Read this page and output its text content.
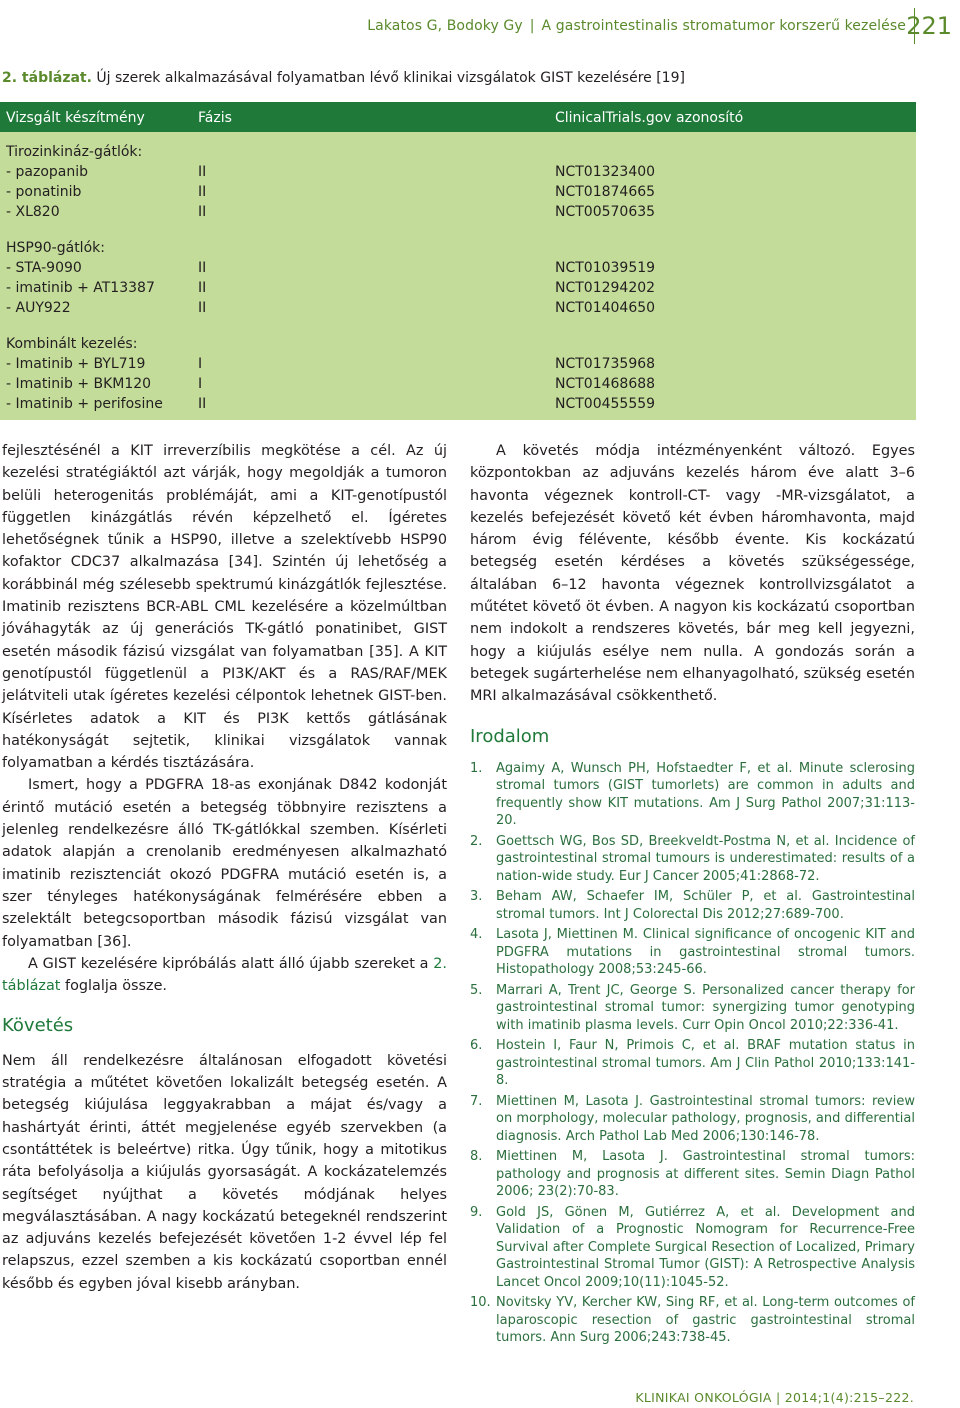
Lakatos G, Bodoky Gy | A gastrointestinalis stromatumor korszerű kezelése 221
2. táblázat. Új szerek alkalmazásával folyamatban lévő klinikai vizsgálatok GIST kezelésére [19]
Vizsgált készítmény	Fázis	ClinicalTrials.gov azonosító
Tirozinkináz-gátlók:		
- pazopanib	II	NCT01323400
- ponatinib	II	NCT01874665
- XL820	II	NCT00570635
HSP90-gátlók:		
- STA-9090	II	NCT01039519
- imatinib + AT13387	II	NCT01294202
- AUY922	II	NCT01404650
Kombinált kezelés:		
- Imatinib + BYL719	I	NCT01735968
- Imatinib + BKM120	I	NCT01468688
- Imatinib + perifosine	II	NCT00455559

fejlesztésénél a KIT irreverzíbilis megkötése a cél. Az új kezelési stratégiáktól azt várják, hogy megoldják a tumoron belüli heterogenitás problémáját, ami a KIT-genotípustól független kinázgátlás révén képzelhető el. Ígéretes lehetőségnek tűnik a HSP90, illetve a szelektívebb HSP90 kofaktor CDC37 alkalmazása [34]. Szintén új lehetőség a korábbinál még szélesebb spektrumú kinázgátlók fejlesztése. Imatinib rezisztens BCR-ABL CML kezelésére a közelmúltban jóváhagyták az új generációs TK-gátló ponatinibet, GIST esetén második fázisú vizsgálat van folyamatban [35]. A KIT genotípustól függetlenül a PI3K/AKT és a RAS/RAF/MEK jelátviteli utak ígéretes kezelési célpontok lehetnek GIST-ben. Kísérletes adatok a KIT és PI3K kettős gátlásának hatékonyságát sejtetik, klinikai vizsgálatok vannak folyamatban a kérdés tisztázására.

Ismert, hogy a PDGFRA 18-as exonjának D842 kodonját érintő mutáció esetén a betegség többnyire rezisztens a jelenleg rendelkezésre álló TK-gátlókkal szemben. Kísérleti adatok alapján a crenolanib eredményesen alkalmazható imatinib rezisztenciát okozó PDGFRA mutáció esetén is, a szer tényleges hatékonyságának felmérésére ebben a szelektált betegcsoportban második fázisú vizsgálat van folyamatban [36].

A GIST kezelésére kipróbálás alatt álló újabb szereket a 2. táblázat foglalja össze.

Követés

Nem áll rendelkezésre általánosan elfogadott követési stratégia a műtétet követően lokalizált betegség esetén. A betegség kiújulása leggyakrabban a májat és/vagy a hashártyát érinti, áttét megjelenése egyéb szervekben (a csontáttétek is beleértve) ritka. Úgy tűnik, hogy a mitotikus ráta befolyásolja a kiújulás gyorsaságát. A kockázatelemzés segítséget nyújthat a követés módjának helyes megválasztásában. A nagy kockázatú betegeknél rendszerint az adjuváns kezelés befejezését követően 1-2 évvel lép fel relapszus, ezzel szemben a kis kockázatú csoportban ennél később és egyben jóval kisebb arányban.

A követés módja intézményenként változó. Egyes központokban az adjuváns kezelés három éve alatt 3–6 havonta végeznek kontroll-CT- vagy -MR-vizsgálatot, a kezelés befejezését követő két évben háromhavonta, majd három évig félévente, később évente. Kis kockázatú betegség esetén kérdéses a követés szükségessége, általában 6–12 havonta végeznek kontrollvizsgálatot a műtétet követő öt évben. A nagyon kis kockázatú csoportban nem indokolt a rendszeres követés, bár meg kell jegyezni, hogy a kiújulás esélye nem nulla. A gondozás során a betegek sugárterhelése nem elhanyagolható, szükség esetén MRI alkalmazásával csökkenthető.

Irodalom
1. Agaimy A, Wunsch PH, Hofstaedter F, et al. Minute sclerosing stromal tumors (GIST tumorlets) are common in adults and frequently show KIT mutations. Am J Surg Pathol 2007;31:113-20.
2. Goettsch WG, Bos SD, Breekveldt-Postma N, et al. Incidence of gastrointestinal stromal tumours is underestimated: results of a nation-wide study. Eur J Cancer 2005;41:2868-72.
3. Beham AW, Schaefer IM, Schüler P, et al. Gastrointestinal stromal tumors. Int J Colorectal Dis 2012;27:689-700.
4. Lasota J, Miettinen M. Clinical significance of oncogenic KIT and PDGFRA mutations in gastrointestinal stromal tumors. Histopathology 2008;53:245-66.
5. Marrari A, Trent JC, George S. Personalized cancer therapy for gastrointestinal stromal tumor: synergizing tumor genotyping with imatinib plasma levels. Curr Opin Oncol 2010;22:336-41.
6. Hostein I, Faur N, Primois C, et al. BRAF mutation status in gastrointestinal stromal tumors. Am J Clin Pathol 2010;133:141-8.
7. Miettinen M, Lasota J. Gastrointestinal stromal tumors: review on morphology, molecular pathology, prognosis, and differential diagnosis. Arch Pathol Lab Med 2006;130:146-78.
8. Miettinen M, Lasota J. Gastrointestinal stromal tumors: pathology and prognosis at different sites. Semin Diagn Pathol 2006; 23(2):70-83.
9. Gold JS, Gönen M, Gutiérrez A, et al. Development and Validation of a Prognostic Nomogram for Recurrence-Free Survival after Complete Surgical Resection of Localized, Primary Gastrointestinal Stromal Tumor (GIST): A Retrospective Analysis Lancet Oncol 2009;10(11):1045-52.
10. Novitsky YV, Kercher KW, Sing RF, et al. Long-term outcomes of laparoscopic resection of gastric gastrointestinal stromal tumors. Ann Surg 2006;243:738-45.
KLINIKAI ONKOLÓGIA | 2014;1(4):215–222.
